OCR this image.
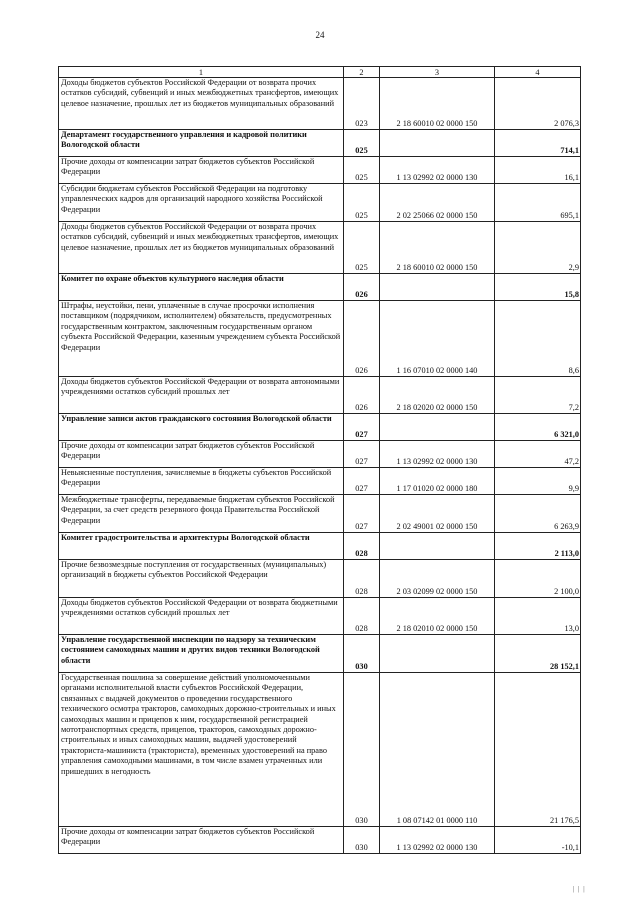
24
1	2	3	4
Доходы бюджетов субъектов Российской Федерации от возврата прочих остатков субсидий, субвенций и иных межбюджетных трансфертов, имеющих целевое назначение, прошлых лет из бюджетов муниципальных образований	023	2 18 60010 02 0000 150	2 076,3
Департамент государственного управления и кадровой политики Вологодской области	025		714,1
Прочие доходы от компенсации затрат бюджетов субъектов Российской Федерации	025	1 13 02992 02 0000 130	16,1
Субсидии бюджетам субъектов Российской Федерации на подготовку управленческих кадров для организаций народного хозяйства Российской Федерации	025	2 02 25066 02 0000 150	695,1
Доходы бюджетов субъектов Российской Федерации от возврата прочих остатков субсидий, субвенций и иных межбюджетных трансфертов, имеющих целевое назначение, прошлых лет из бюджетов муниципальных образований	025	2 18 60010 02 0000 150	2,9
Комитет по охране объектов культурного наследия области	026		15,8
Штрафы, неустойки, пени, уплаченные в случае просрочки исполнения поставщиком (подрядчиком, исполнителем) обязательств, предусмотренных государственным контрактом, заключенным государственным органом субъекта Российской Федерации, казенным учреждением субъекта Российской Федерации	026	1 16 07010 02 0000 140	8,6
Доходы бюджетов субъектов Российской Федерации от возврата автономными учреждениями остатков субсидий прошлых лет	026	2 18 02020 02 0000 150	7,2
Управление записи актов гражданского состояния Вологодской области	027		6 321,0
Прочие доходы от компенсации затрат бюджетов субъектов Российской Федерации	027	1 13 02992 02 0000 130	47,2
Невыясненные поступления, зачисляемые в бюджеты субъектов Российской Федерации	027	1 17 01020 02 0000 180	9,9
Межбюджетные трансферты, передаваемые бюджетам субъектов Российской Федерации, за счет средств резервного фонда Правительства Российской Федерации	027	2 02 49001 02 0000 150	6 263,9
Комитет градостроительства и архитектуры Вологодской области	028		2 113,0
Прочие безвозмездные поступления от государственных (муниципальных) организаций в бюджеты субъектов Российской Федерации	028	2 03 02099 02 0000 150	2 100,0
Доходы бюджетов субъектов Российской Федерации от возврата бюджетными учреждениями остатков субсидий прошлых лет	028	2 18 02010 02 0000 150	13,0
Управление государственной инспекции по надзору за техническим состоянием самоходных машин и других видов техники Вологодской области	030		28 152,1
Государственная пошлина за совершение действий уполномоченными органами исполнительной власти субъектов Российской Федерации, связанных с выдачей документов о проведении государственного технического осмотра тракторов, самоходных дорожно-строительных и иных самоходных машин и прицепов к ним, государственной регистрацией мототранспортных средств, прицепов, тракторов, самоходных дорожно-строительных и иных самоходных машин, выдачей удостоверений тракториста-машиниста (тракториста), временных удостоверений на право управления самоходными машинами, в том числе взамен утраченных или пришедших в негодность	030	1 08 07142 01 0000 110	21 176,5
Прочие доходы от компенсации затрат бюджетов субъектов Российской Федерации	030	1 13 02992 02 0000 130	-10,1
| | |
